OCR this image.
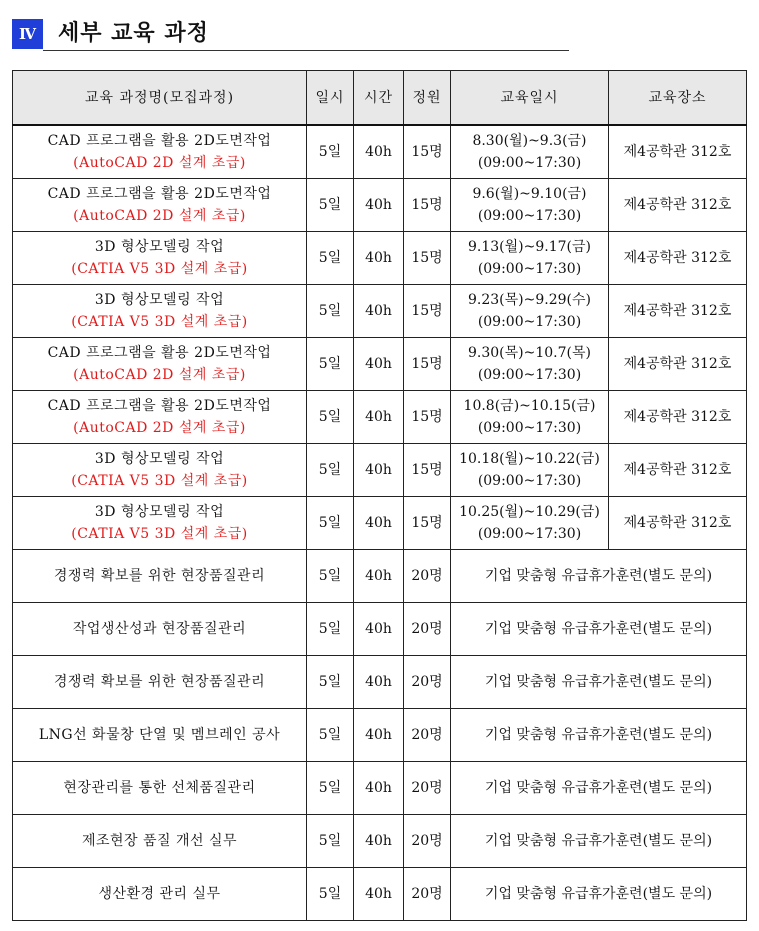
Ⅳ 세부 교육 과정
교육 과정명(모집과정)	일시	시간	정원	교육일시	교육장소

CAD 프로그램을 활용 2D도면작업
(AutoCAD 2D 설계 초급)	5일	40h	15명	8.30(월)~9.3(금)
(09:00~17:30)	제4공학관 312호

CAD 프로그램을 활용 2D도면작업
(AutoCAD 2D 설계 초급)	5일	40h	15명	9.6(월)~9.10(금)
(09:00~17:30)	제4공학관 312호

3D 형상모델링 작업
(CATIA V5 3D 설계 초급)	5일	40h	15명	9.13(월)~9.17(금)
(09:00~17:30)	제4공학관 312호

3D 형상모델링 작업
(CATIA V5 3D 설계 초급)	5일	40h	15명	9.23(목)~9.29(수)
(09:00~17:30)	제4공학관 312호

CAD 프로그램을 활용 2D도면작업
(AutoCAD 2D 설계 초급)	5일	40h	15명	9.30(목)~10.7(목)
(09:00~17:30)	제4공학관 312호

CAD 프로그램을 활용 2D도면작업
(AutoCAD 2D 설계 초급)	5일	40h	15명	10.8(금)~10.15(금)
(09:00~17:30)	제4공학관 312호

3D 형상모델링 작업
(CATIA V5 3D 설계 초급)	5일	40h	15명	10.18(월)~10.22(금)
(09:00~17:30)	제4공학관 312호

3D 형상모델링 작업
(CATIA V5 3D 설계 초급)	5일	40h	15명	10.25(월)~10.29(금)
(09:00~17:30)	제4공학관 312호
경쟁력 확보를 위한 현장품질관리	5일	40h	20명	기업 맞춤형 유급휴가훈련(별도 문의)	
작업생산성과 현장품질관리	5일	40h	20명	기업 맞춤형 유급휴가훈련(별도 문의)	
경쟁력 확보를 위한 현장품질관리	5일	40h	20명	기업 맞춤형 유급휴가훈련(별도 문의)	
LNG선 화물창 단열 및 멤브레인 공사	5일	40h	20명	기업 맞춤형 유급휴가훈련(별도 문의)	
현장관리를 통한 선체품질관리	5일	40h	20명	기업 맞춤형 유급휴가훈련(별도 문의)	
제조현장 품질 개선 실무	5일	40h	20명	기업 맞춤형 유급휴가훈련(별도 문의)	
생산환경 관리 실무	5일	40h	20명	기업 맞춤형 유급휴가훈련(별도 문의)	
